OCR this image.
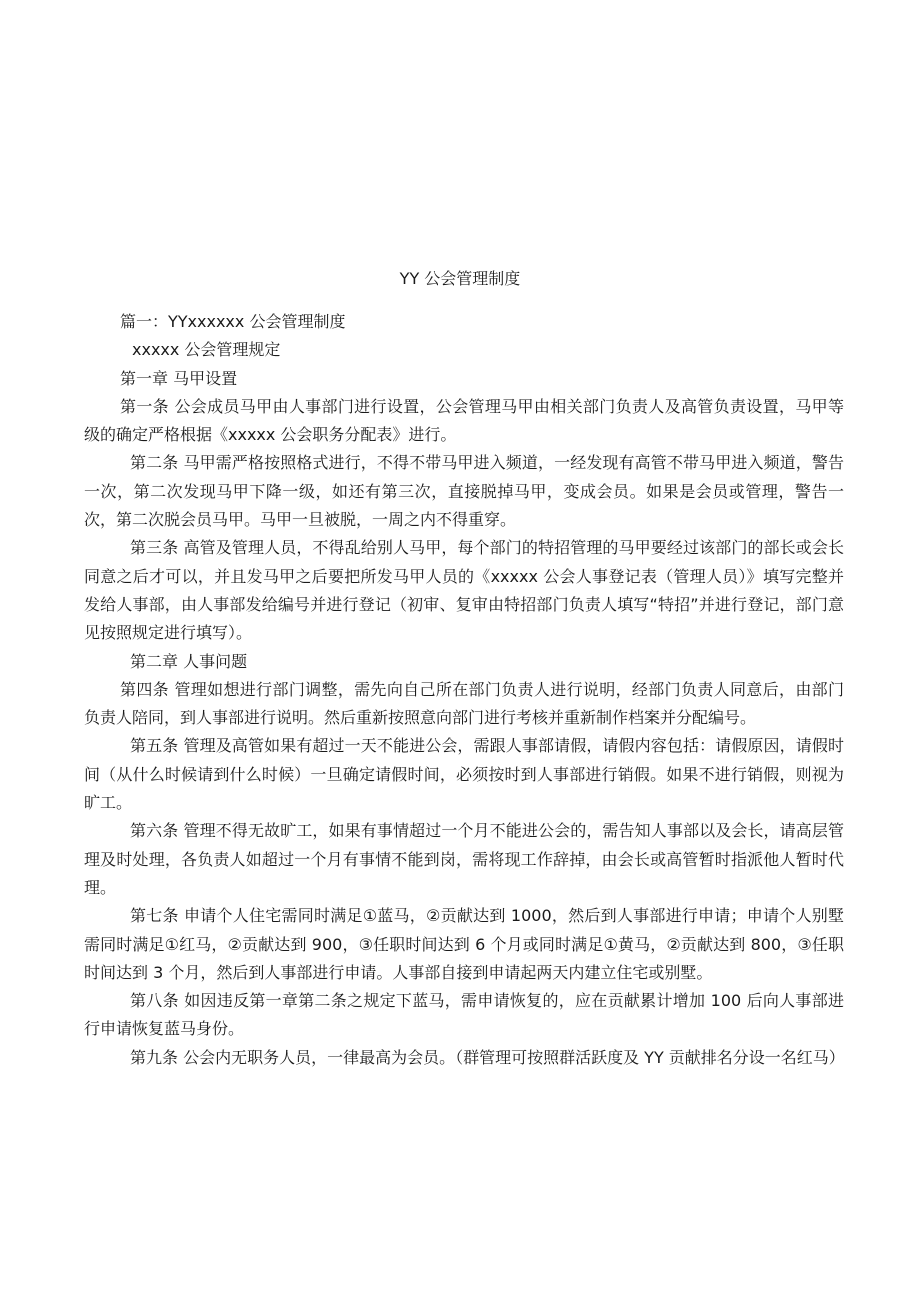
YY 公会管理制度

篇一：YYxxxxxx 公会管理制度

xxxxx 公会管理规定

第一章 马甲设置

第一条 公会成员马甲由人事部门进行设置，公会管理马甲由相关部门负责人及高管负责设置，马甲等级的确定严格根据《xxxxx 公会职务分配表》进行。

第二条 马甲需严格按照格式进行，不得不带马甲进入频道，一经发现有高管不带马甲进入频道，警告一次，第二次发现马甲下降一级，如还有第三次，直接脱掉马甲，变成会员。如果是会员或管理，警告一次，第二次脱会员马甲。马甲一旦被脱，一周之内不得重穿。

第三条 高管及管理人员，不得乱给别人马甲，每个部门的特招管理的马甲要经过该部门的部长或会长同意之后才可以，并且发马甲之后要把所发马甲人员的《xxxxx 公会人事登记表（管理人员）》填写完整并发给人事部，由人事部发给编号并进行登记（初审、复审由特招部门负责人填写“特招”并进行登记，部门意见按照规定进行填写）。

第二章 人事问题

第四条 管理如想进行部门调整，需先向自己所在部门负责人进行说明，经部门负责人同意后，由部门负责人陪同，到人事部进行说明。然后重新按照意向部门进行考核并重新制作档案并分配编号。

第五条 管理及高管如果有超过一天不能进公会，需跟人事部请假，请假内容包括：请假原因，请假时间（从什么时候请到什么时候）一旦确定请假时间，必须按时到人事部进行销假。如果不进行销假，则视为旷工。

第六条 管理不得无故旷工，如果有事情超过一个月不能进公会的，需告知人事部以及会长，请高层管理及时处理，各负责人如超过一个月有事情不能到岗，需将现工作辞掉，由会长或高管暂时指派他人暂时代理。

第七条 申请个人住宅需同时满足①蓝马，②贡献达到 1000，然后到人事部进行申请；申请个人别墅需同时满足①红马，②贡献达到 900，③任职时间达到 6 个月或同时满足①黄马，②贡献达到 800，③任职时间达到 3 个月，然后到人事部进行申请。人事部自接到申请起两天内建立住宅或别墅。

第八条 如因违反第一章第二条之规定下蓝马，需申请恢复的，应在贡献累计增加 100 后向人事部进行申请恢复蓝马身份。

第九条 公会内无职务人员，一律最高为会员。（群管理可按照群活跃度及 YY 贡献排名分设一名红马）
